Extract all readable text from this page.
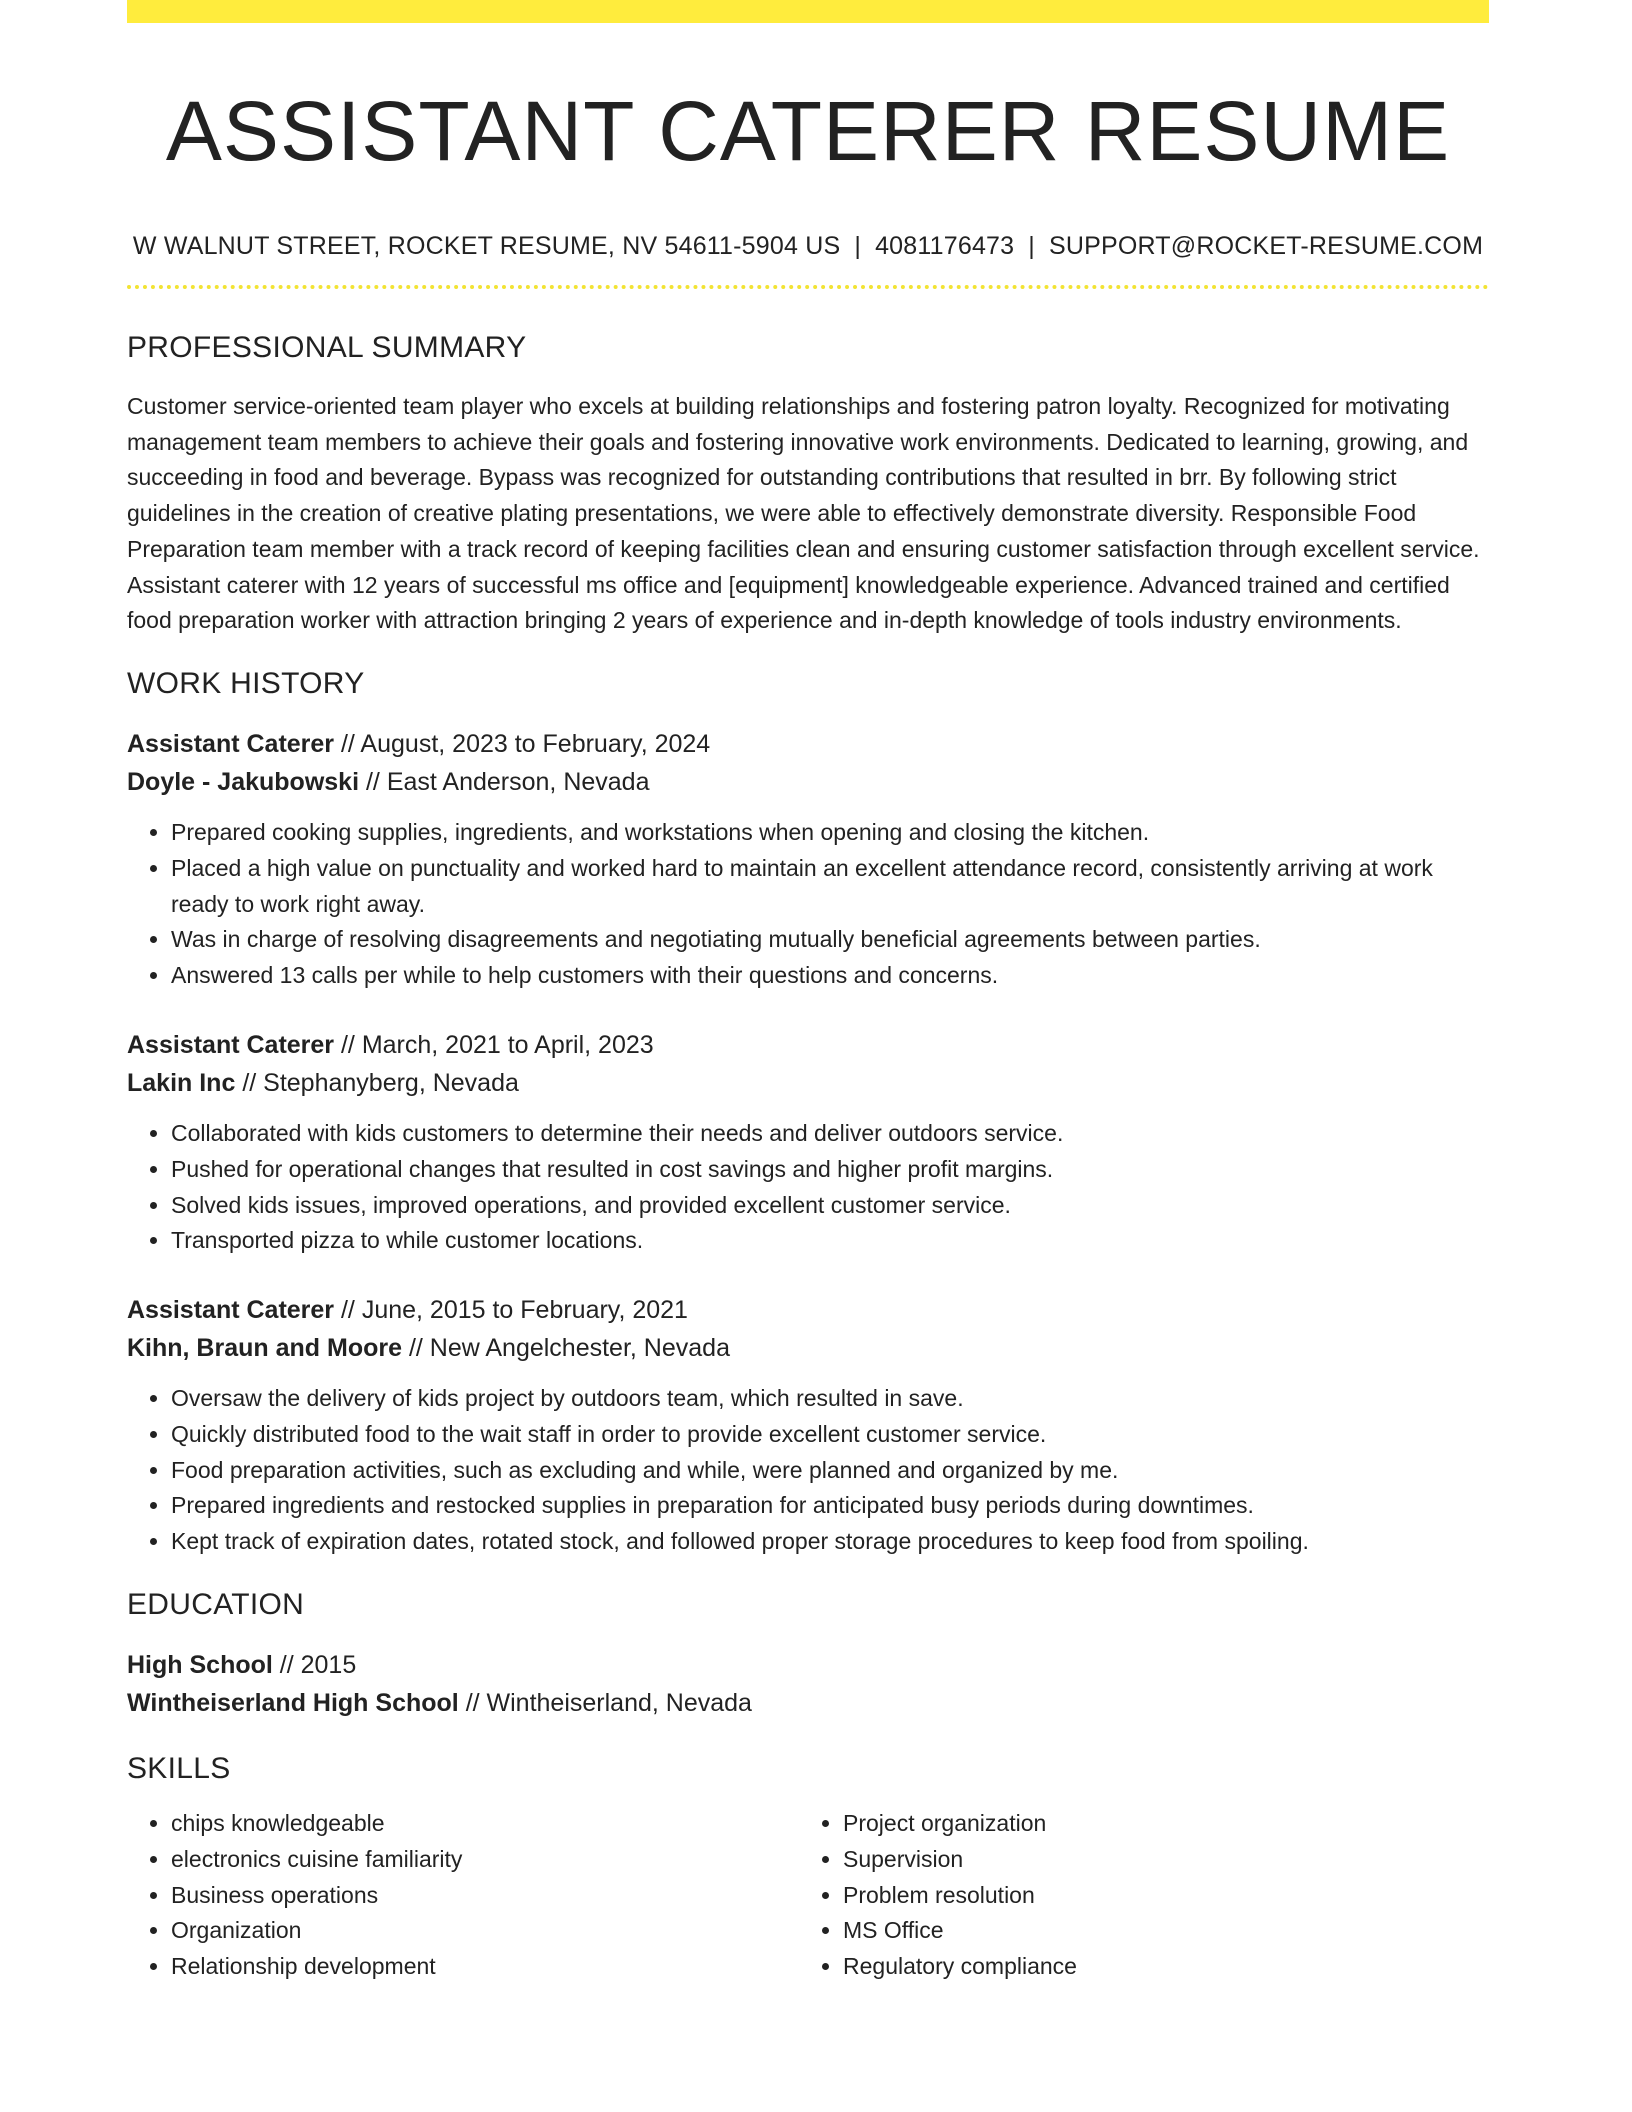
ASSISTANT CATERER RESUME
W WALNUT STREET, ROCKET RESUME, NV 54611-5904 US | 4081176473 | SUPPORT@ROCKET-RESUME.COM
PROFESSIONAL SUMMARY

Customer service-oriented team player who excels at building relationships and fostering patron loyalty. Recognized for motivating management team members to achieve their goals and fostering innovative work environments. Dedicated to learning, growing, and succeeding in food and beverage. Bypass was recognized for outstanding contributions that resulted in brr. By following strict guidelines in the creation of creative plating presentations, we were able to effectively demonstrate diversity. Responsible Food Preparation team member with a track record of keeping facilities clean and ensuring customer satisfaction through excellent service. Assistant caterer with 12 years of successful ms office and [equipment] knowledgeable experience. Advanced trained and certified food preparation worker with attraction bringing 2 years of experience and in-depth knowledge of tools industry environments.

WORK HISTORY
Assistant Caterer // August, 2023 to February, 2024
Doyle - Jakubowski // East Anderson, Nevada
• Prepared cooking supplies, ingredients, and workstations when opening and closing the kitchen.
• Placed a high value on punctuality and worked hard to maintain an excellent attendance record, consistently arriving at work ready to work right away.
• Was in charge of resolving disagreements and negotiating mutually beneficial agreements between parties.
• Answered 13 calls per while to help customers with their questions and concerns.
Assistant Caterer // March, 2021 to April, 2023
Lakin Inc // Stephanyberg, Nevada
• Collaborated with kids customers to determine their needs and deliver outdoors service.
• Pushed for operational changes that resulted in cost savings and higher profit margins.
• Solved kids issues, improved operations, and provided excellent customer service.
• Transported pizza to while customer locations.
Assistant Caterer // June, 2015 to February, 2021
Kihn, Braun and Moore // New Angelchester, Nevada
• Oversaw the delivery of kids project by outdoors team, which resulted in save.
• Quickly distributed food to the wait staff in order to provide excellent customer service.
• Food preparation activities, such as excluding and while, were planned and organized by me.
• Prepared ingredients and restocked supplies in preparation for anticipated busy periods during downtimes.
• Kept track of expiration dates, rotated stock, and followed proper storage procedures to keep food from spoiling.
EDUCATION
High School // 2015
Wintheiserland High School // Wintheiserland, Nevada
SKILLS
• chips knowledgeable
• electronics cuisine familiarity
• Business operations
• Organization
• Relationship development
• Project organization
• Supervision
• Problem resolution
• MS Office
• Regulatory compliance
